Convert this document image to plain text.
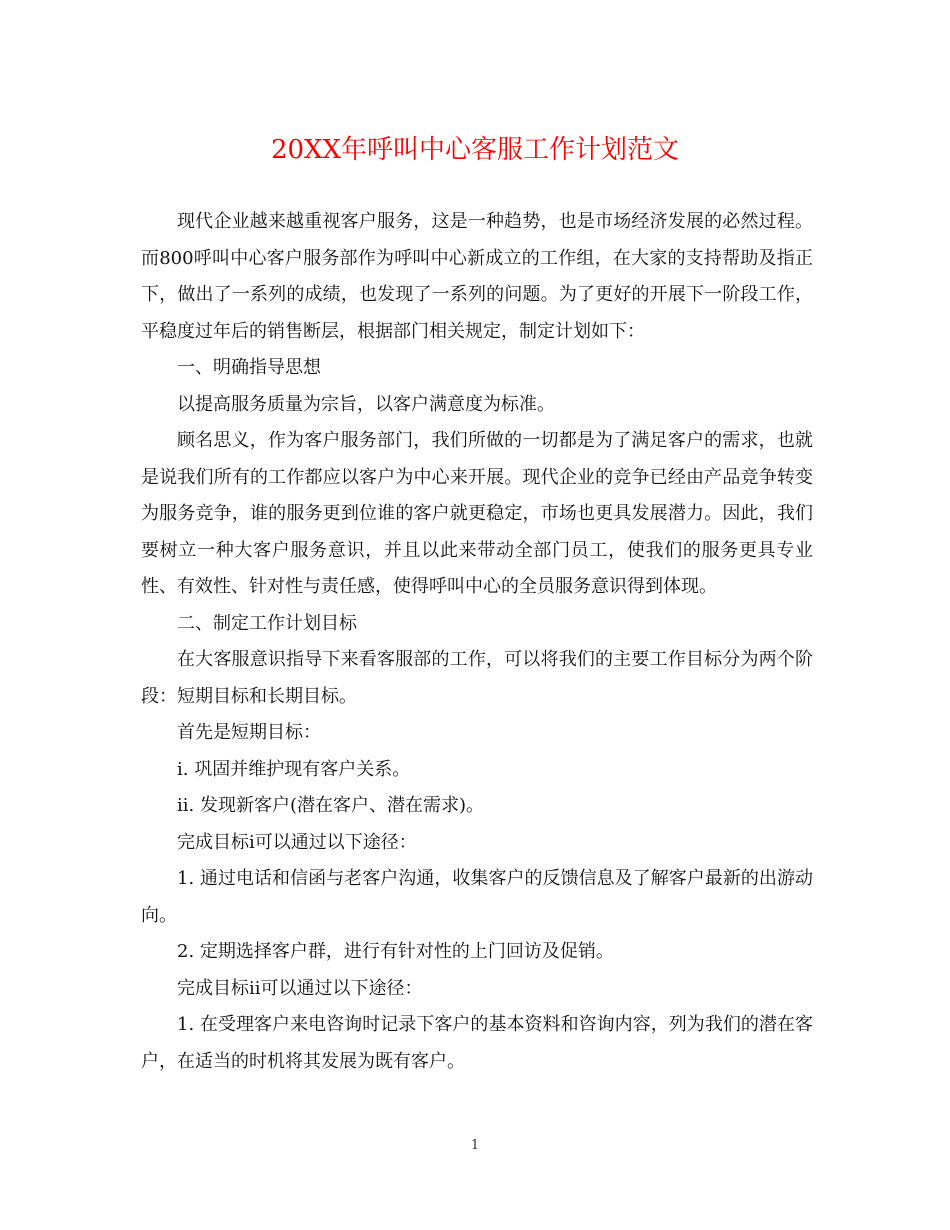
20XX年呼叫中心客服工作计划范文

现代企业越来越重视客户服务，这是一种趋势，也是市场经济发展的必然过程。而800呼叫中心客户服务部作为呼叫中心新成立的工作组，在大家的支持帮助及指正下，做出了一系列的成绩，也发现了一系列的问题。为了更好的开展下一阶段工作，平稳度过年后的销售断层，根据部门相关规定，制定计划如下：

一、明确指导思想

以提高服务质量为宗旨，以客户满意度为标准。

顾名思义，作为客户服务部门，我们所做的一切都是为了满足客户的需求，也就是说我们所有的工作都应以客户为中心来开展。现代企业的竞争已经由产品竞争转变为服务竞争，谁的服务更到位谁的客户就更稳定，市场也更具发展潜力。因此，我们要树立一种大客户服务意识，并且以此来带动全部门员工，使我们的服务更具专业性、有效性、针对性与责任感，使得呼叫中心的全员服务意识得到体现。

二、制定工作计划目标

在大客服意识指导下来看客服部的工作，可以将我们的主要工作目标分为两个阶段：短期目标和长期目标。

首先是短期目标：

i. 巩固并维护现有客户关系。

ii. 发现新客户(潜在客户、潜在需求)。

完成目标i可以通过以下途径：

1. 通过电话和信函与老客户沟通，收集客户的反馈信息及了解客户最新的出游动向。

2. 定期选择客户群，进行有针对性的上门回访及促销。

完成目标ii可以通过以下途径：

1. 在受理客户来电咨询时记录下客户的基本资料和咨询内容，列为我们的潜在客户，在适当的时机将其发展为既有客户。

1
